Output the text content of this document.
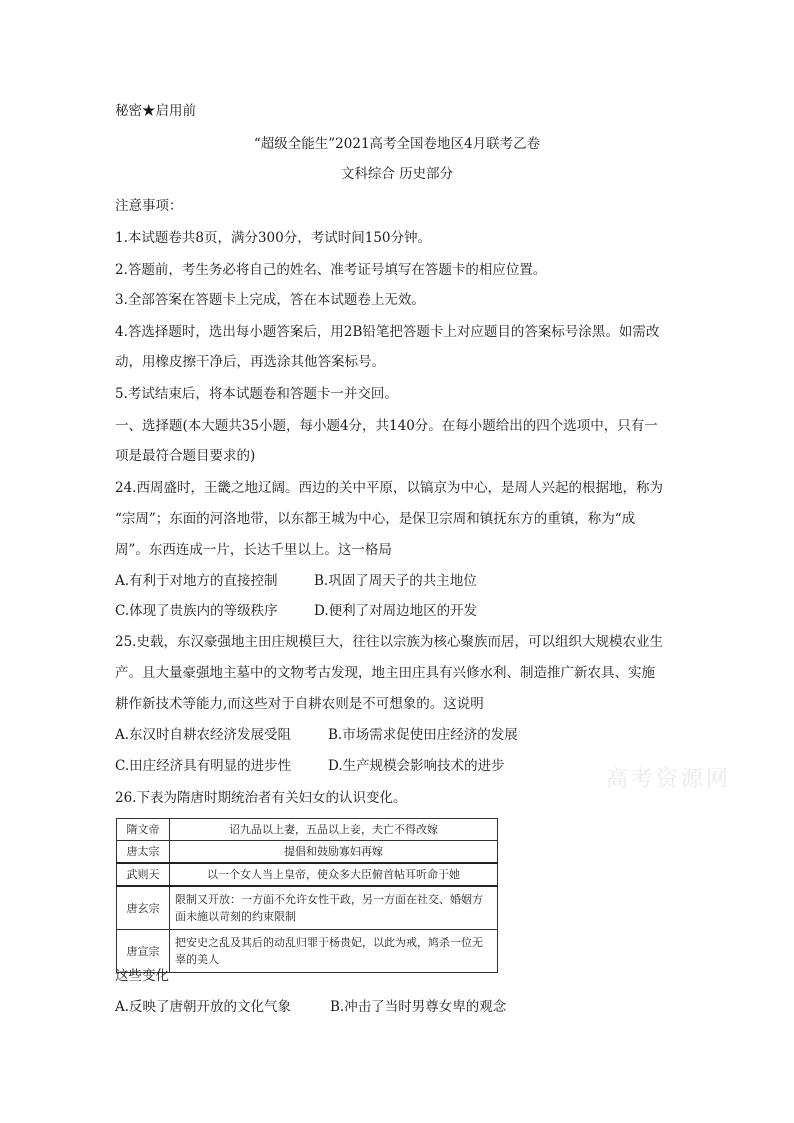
秘密★启用前
“超级全能生”2021高考全国卷地区4月联考乙卷
文科综合 历史部分
注意事项：
1.本试题卷共8页，满分300分，考试时间150分钟。
2.答题前，考生务必将自己的姓名、准考证号填写在答题卡的相应位置。
3.全部答案在答题卡上完成，答在本试题卷上无效。
4.答选择题时，选出每小题答案后，用2B铅笔把答题卡上对应题目的答案标号涂黑。如需改
动，用橡皮擦干净后，再选涂其他答案标号。
5.考试结束后，将本试题卷和答题卡一并交回。
一、选择题(本大题共35小题，每小题4分，共140分。在每小题给出的四个选项中，只有一
项是最符合题目要求的)
24.西周盛时，王畿之地辽阔。西边的关中平原，以镐京为中心，是周人兴起的根据地，称为
“宗周”；东面的河洛地带，以东都王城为中心，是保卫宗周和镇抚东方的重镇，称为“成
周”。东西连成一片，长达千里以上。这一格局
A.有利于对地方的直接控制	B.巩固了周天子的共主地位
C.体现了贵族内的等级秩序	D.便利了对周边地区的开发
25.史载，东汉豪强地主田庄规模巨大，往往以宗族为核心聚族而居，可以组织大规模农业生
产。且大量豪强地主墓中的文物考古发现，地主田庄具有兴修水利、制造推广新农具、实施
耕作新技术等能力,而这些对于自耕农则是不可想象的。这说明
A.东汉时自耕农经济发展受阻	B.市场需求促使田庄经济的发展
C.田庄经济具有明显的进步性	D.生产规模会影响技术的进步
高考资源网
26.下表为隋唐时期统治者有关妇女的认识变化。
隋文帝	诏九品以上妻，五品以上妾，夫亡不得改嫁
唐太宗	提倡和鼓励寡妇再嫁
武则天	以一个女人当上皇帝，使众多大臣俯首帖耳听命于她
唐玄宗	限制又开放：一方面不允许女性干政，另一方面在社交、婚姻方面未施以苛刻的约束限制
唐宣宗	把安史之乱及其后的动乱归罪于杨贵妃，以此为戒，鸠杀一位无辜的美人
这些变化
A.反映了唐朝开放的文化气象	B.冲击了当时男尊女卑的观念
